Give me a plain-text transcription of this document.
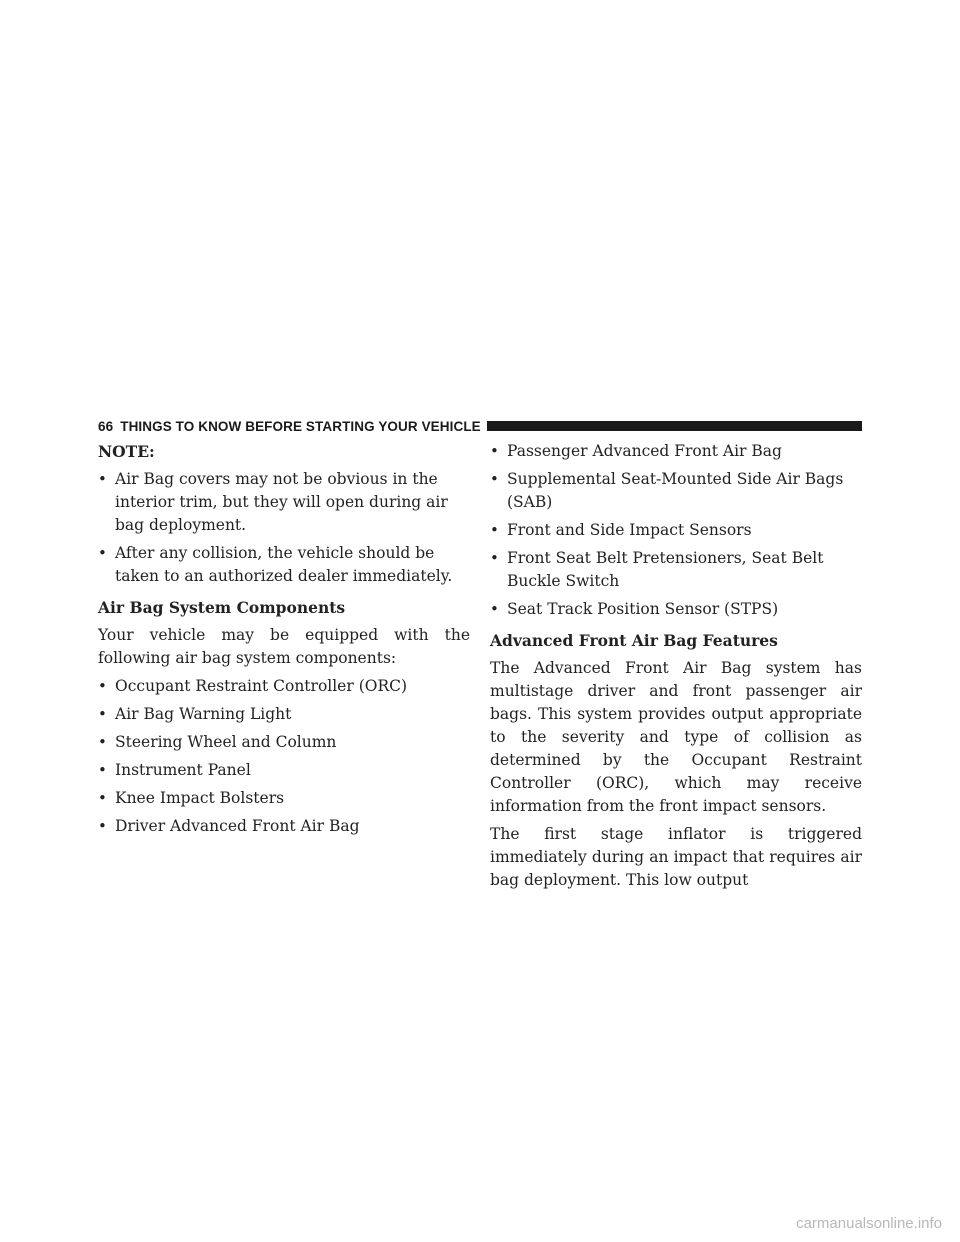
66 THINGS TO KNOW BEFORE STARTING YOUR VEHICLE

NOTE:

• Air Bag covers may not be obvious in the interior trim, but they will open during air bag deployment.
• After any collision, the vehicle should be taken to an authorized dealer immediately.

Air Bag System Components

Your vehicle may be equipped with the following air bag system components:

• Occupant Restraint Controller (ORC)
• Air Bag Warning Light
• Steering Wheel and Column
• Instrument Panel
• Knee Impact Bolsters
• Driver Advanced Front Air Bag
• Passenger Advanced Front Air Bag
• Supplemental Seat-Mounted Side Air Bags (SAB)
• Front and Side Impact Sensors
• Front Seat Belt Pretensioners, Seat Belt Buckle Switch
• Seat Track Position Sensor (STPS)

Advanced Front Air Bag Features

The Advanced Front Air Bag system has multistage driver and front passenger air bags. This system provides output appropriate to the severity and type of collision as determined by the Occupant Restraint Controller (ORC), which may receive information from the front impact sensors.

The first stage inflator is triggered immediately during an impact that requires air bag deployment. This low output

carmanualsonline.info
